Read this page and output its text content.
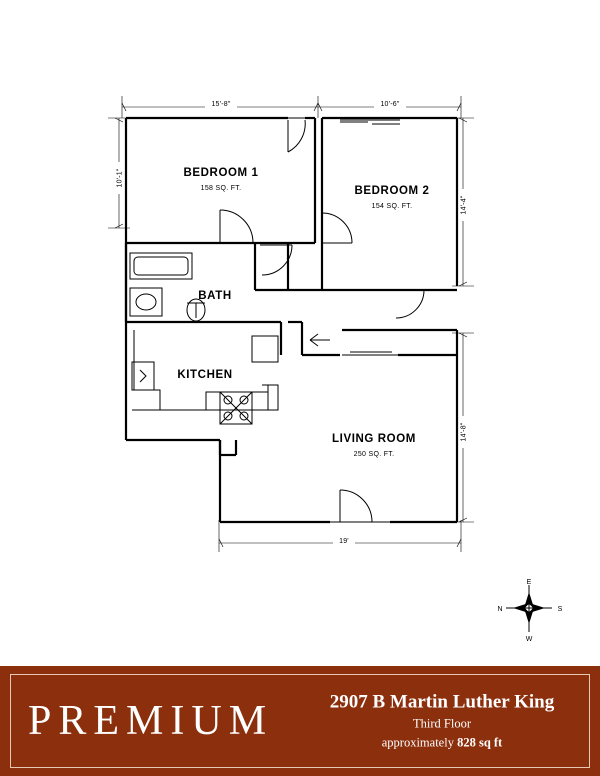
15'-8"	10'-6"
10'-1"
14'-4"
14'-8"
19'
BEDROOM 1
158 SQ. FT.	BEDROOM 2
154 SQ. FT.
BATH
KITCHEN
LIVING ROOM
250 SQ. FT.
E
N	S
W
PREMIUM	2907 B Martin Luther King
Third Floor
approximately 828 sq ft
